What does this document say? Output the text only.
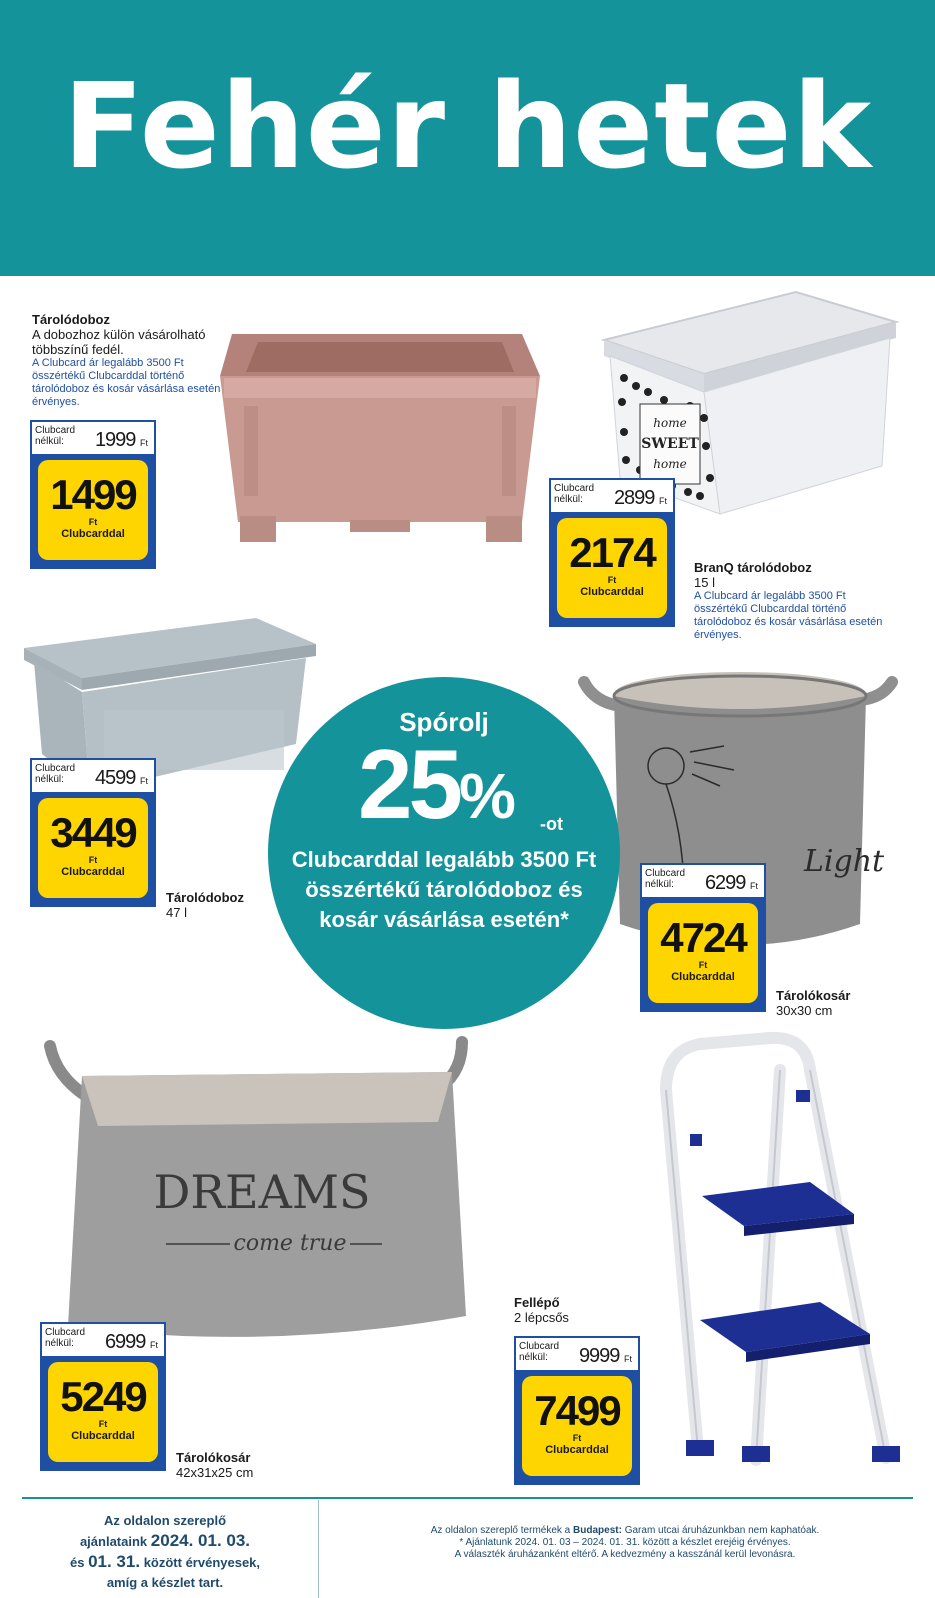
Fehér hetek
home
SWEET
home
Light
DREAMS
come true
Tárolódoboz
A dobozhoz külön vásárolható többszínű fedél.
A Clubcard ár legalább 3500 Ft összértékű Clubcarddal történő tárolódoboz és kosár vásárlása esetén érvényes.
Clubcard
nélkül:	1999 Ft
1499
Ft
Clubcarddal
Clubcard
nélkül:	2899 Ft
2174
Ft
Clubcarddal
BranQ tárolódoboz
15 l
A Clubcard ár legalább 3500 Ft összértékű Clubcarddal történő tárolódoboz és kosár vásárlása esetén érvényes.
Clubcard
nélkül:	4599 Ft
3449
Ft
Clubcarddal
Tárolódoboz
47 l
Spórolj
25% -ot
Clubcarddal legalább 3500 Ft összértékű tárolódoboz és kosár vásárlása esetén*
Clubcard
nélkül:	6299 Ft
4724
Ft
Clubcarddal
Tárolókosár
30x30 cm
Clubcard
nélkül:	6999 Ft
5249
Ft
Clubcarddal
Tárolókosár
42x31x25 cm
Fellépő
2 lépcsős
Clubcard
nélkül:	9999 Ft
7499
Ft
Clubcarddal
Az oldalon szereplő
ajánlataink 2024. 01. 03.
és 01. 31. között érvényesek,
amíg a készlet tart.
Az oldalon szereplő termékek a Budapest: Garam utcai áruházunkban nem kaphatóak.
* Ajánlatunk 2024. 01. 03 – 2024. 01. 31. között a készlet erejéig érvényes.
A választék áruházanként eltérő. A kedvezmény a kasszánál kerül levonásra.
